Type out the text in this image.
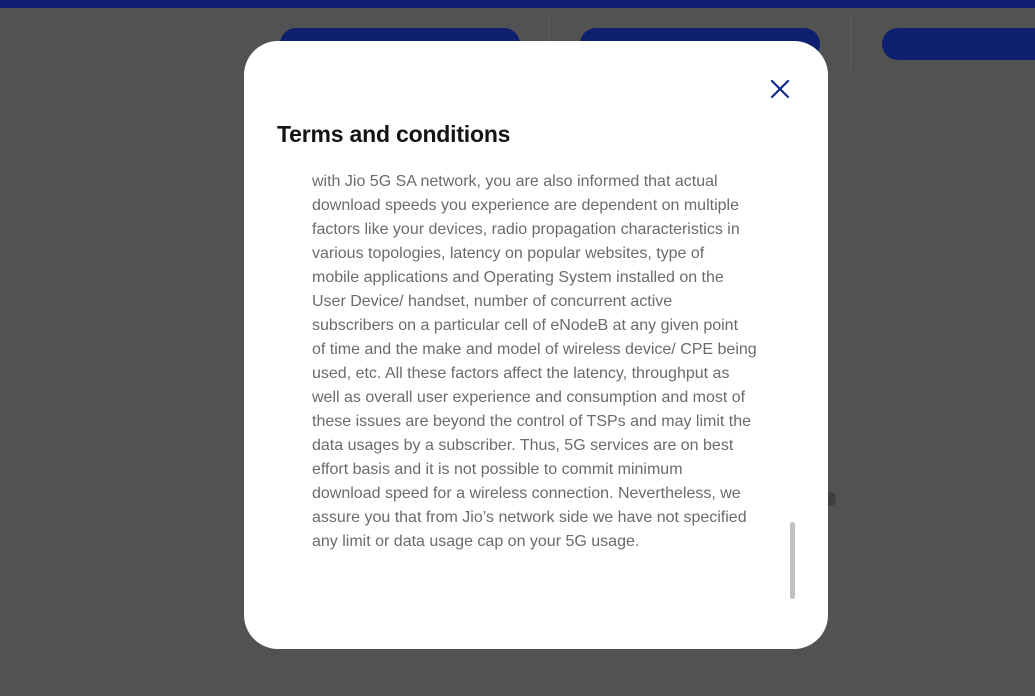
Terms and conditions

with Jio 5G SA network, you are also informed that actual
download speeds you experience are dependent on multiple
factors like your devices, radio propagation characteristics in
various topologies, latency on popular websites, type of
mobile applications and Operating System installed on the
User Device/ handset, number of concurrent active
subscribers on a particular cell of eNodeB at any given point
of time and the make and model of wireless device/ CPE being
used, etc. All these factors affect the latency, throughput as
well as overall user experience and consumption and most of
these issues are beyond the control of TSPs and may limit the
data usages by a subscriber. Thus, 5G services are on best
effort basis and it is not possible to commit minimum
download speed for a wireless connection. Nevertheless, we
assure you that from Jio’s network side we have not specified
any limit or data usage cap on your 5G usage.
